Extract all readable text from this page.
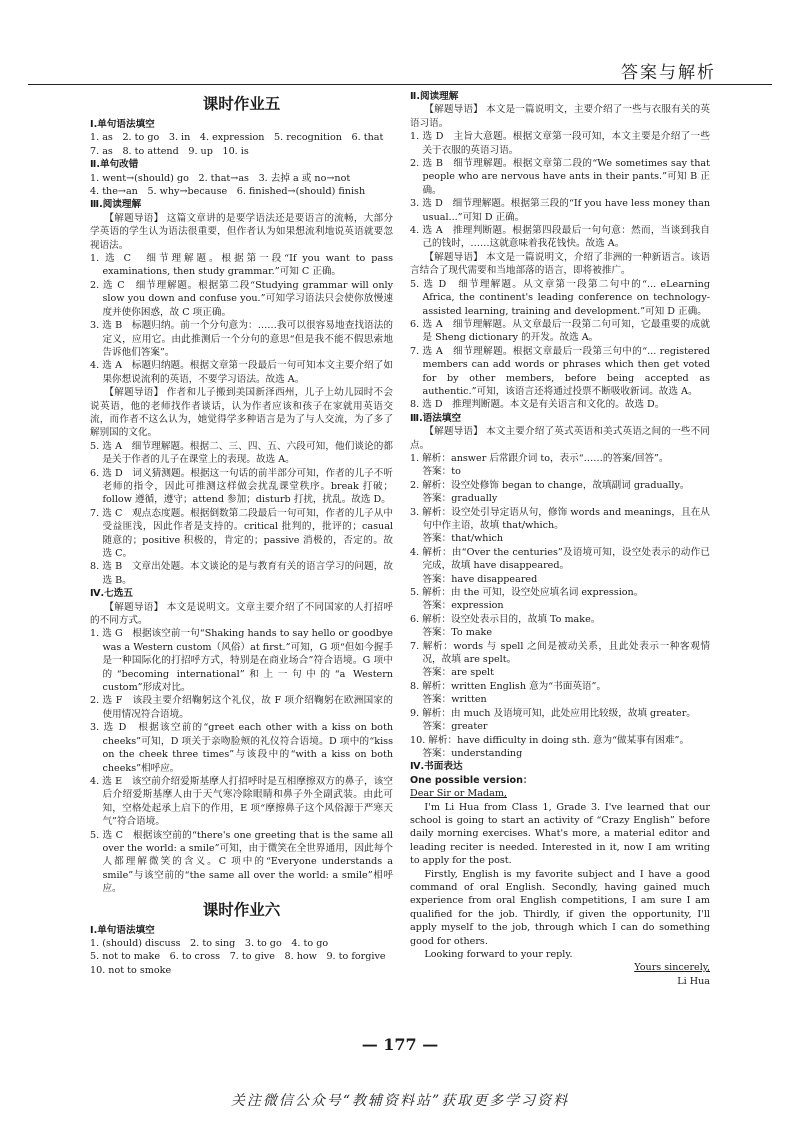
答案与解析

课时作业五

Ⅰ.单句语法填空

1. as　2. to go　3. in　4. expression　5. recognition　6. that

7. as　8. to attend　9. up　10. is

Ⅱ.单句改错

1. went→(should) go　2. that→as　3. 去掉 a 或 no→not

4. the→an　5. why→because　6. finished→(should) finish

Ⅲ.阅读理解

【解题导语】 这篇文章讲的是要学语法还是要语言的流畅，大部分学英语的学生认为语法很重要，但作者认为如果想流利地说英语就要忽视语法。

1. 选 C　细节理解题。根据第一段“If you want to pass examinations, then study grammar.”可知 C 正确。

2. 选 C　细节理解题。根据第二段“Studying grammar will only slow you down and confuse you.”可知学习语法只会使你放慢速度并使你困惑，故 C 项正确。

3. 选 B　标题归纳。前一个分句意为：……我可以很容易地查找语法的定义，应用它。由此推测后一个分句的意思“但是我不能不假思索地告诉他们答案”。

4. 选 A　标题归纳题。根据文章第一段最后一句可知本文主要介绍了如果你想说流利的英语，不要学习语法。故选 A。

【解题导语】 作者和儿子搬到美国新泽西州，儿子上幼儿园时不会说英语，他的老师找作者谈话，认为作者应该和孩子在家就用英语交流，而作者不这么认为，她觉得学多种语言是为了与人交流，为了多了解别国的文化。

5. 选 A　细节理解题。根据二、三、四、五、六段可知，他们谈论的都是关于作者的儿子在课堂上的表现。故选 A。

6. 选 D　词义猜测题。根据这一句话的前半部分可知，作者的儿子不听老师的指令，因此可推测这样做会扰乱课堂秩序。break 打破；follow 遵循，遵守；attend 参加；disturb 打扰，扰乱。故选 D。

7. 选 C　观点态度题。根据倒数第二段最后一句可知，作者的儿子从中受益匪浅，因此作者是支持的。critical 批判的，批评的；casual 随意的；positive 积极的，肯定的；passive 消极的，否定的。故选 C。

8. 选 B　文章出处题。本文谈论的是与教育有关的语言学习的问题，故选 B。

Ⅳ.七选五

【解题导语】 本文是说明文。文章主要介绍了不同国家的人打招呼的不同方式。

1. 选 G　根据该空前一句“Shaking hands to say hello or goodbye was a Western custom（风俗）at first.”可知，G 项“但如今握手是一种国际化的打招呼方式，特别是在商业场合”符合语境。G 项中的“becoming international”和上一句中的“a Western custom”形成对比。

2. 选 F　该段主要介绍鞠躬这个礼仪，故 F 项介绍鞠躬在欧洲国家的使用情况符合语境。

3. 选 D　根据该空前的“greet each other with a kiss on both cheeks”可知，D 项关于亲吻脸颊的礼仪符合语境。D 项中的“kiss on the cheek three times”与该段中的“with a kiss on both cheeks”相呼应。

4. 选 E　该空前介绍爱斯基摩人打招呼时是互相摩擦双方的鼻子，该空后介绍爱斯基摩人由于天气寒冷除眼睛和鼻子外全副武装。由此可知，空格处起承上启下的作用，E 项“摩擦鼻子这个风俗源于严寒天气”符合语境。

5. 选 C　根据该空前的“there's one greeting that is the same all over the world: a smile”可知，由于微笑在全世界通用，因此每个人都理解微笑的含义。C 项中的“Everyone understands a smile”与该空前的“the same all over the world: a smile”相呼应。

课时作业六

Ⅰ.单句语法填空

1. (should) discuss　2. to sing　3. to go　4. to go

5. not to make　6. to cross　7. to give　8. how　9. to forgive

10. not to smoke

Ⅱ.阅读理解

【解题导语】 本文是一篇说明文，主要介绍了一些与衣服有关的英语习语。

1. 选 D　主旨大意题。根据文章第一段可知，本文主要是介绍了一些关于衣服的英语习语。

2. 选 B　细节理解题。根据文章第二段的“We sometimes say that people who are nervous have ants in their pants.”可知 B 正确。

3. 选 D　细节理解题。根据第三段的“If you have less money than usual...”可知 D 正确。

4. 选 A　推理判断题。根据第四段最后一句句意：然而，当谈到我自己的钱时，……这就意味着我花钱快。故选 A。

【解题导语】 本文是一篇说明文，介绍了非洲的一种新语言。该语言结合了现代需要和当地部落的语言，即将被推广。

5. 选 D　细节理解题。从文章第一段第二句中的“... eLearning Africa, the continent's leading conference on technology-assisted learning, training and development.”可知 D 正确。

6. 选 A　细节理解题。从文章最后一段第二句可知，它最重要的成就是 Sheng dictionary 的开发。故选 A。

7. 选 A　细节理解题。根据文章最后一段第三句中的“... registered members can add words or phrases which then get voted for by other members, before being accepted as authentic.”可知，该语言还将通过投票不断吸收新词。故选 A。

8. 选 D　推理判断题。本文是有关语言和文化的。故选 D。

Ⅲ.语法填空

【解题导语】 本文主要介绍了英式英语和美式英语之间的一些不同点。

1. 解析：answer 后常跟介词 to，表示“……的答案/回答”。

答案：to

2. 解析：设空处修饰 began to change，故填副词 gradually。

答案：gradually

3. 解析：设空处引导定语从句，修饰 words and meanings，且在从句中作主语，故填 that/which。

答案：that/which

4. 解析：由“Over the centuries”及语境可知，设空处表示的动作已完成，故填 have disappeared。

答案：have disappeared

5. 解析：由 the 可知，设空处应填名词 expression。

答案：expression

6. 解析：设空处表示目的，故填 To make。

答案：To make

7. 解析：words 与 spell 之间是被动关系，且此处表示一种客观情况，故填 are spelt。

答案：are spelt

8. 解析：written English 意为“书面英语”。

答案：written

9. 解析：由 much 及语境可知，此处应用比较级，故填 greater。

答案：greater

10. 解析：have difficulty in doing sth. 意为“做某事有困难”。

答案：understanding

Ⅳ.书面表达

One possible version：

Dear Sir or Madam,

I'm Li Hua from Class 1, Grade 3. I've learned that our school is going to start an activity of “Crazy English” before daily morning exercises. What's more, a material editor and leading reciter is needed. Interested in it, now I am writing to apply for the post.

Firstly, English is my favorite subject and I have a good command of oral English. Secondly, having gained much experience from oral English competitions, I am sure I am qualified for the job. Thirdly, if given the opportunity, I'll apply myself to the job, through which I can do something good for others.

Looking forward to your reply.

Yours sincerely,

Li Hua

— 177 —
关注微信公众号“教辅资料站”获取更多学习资料
